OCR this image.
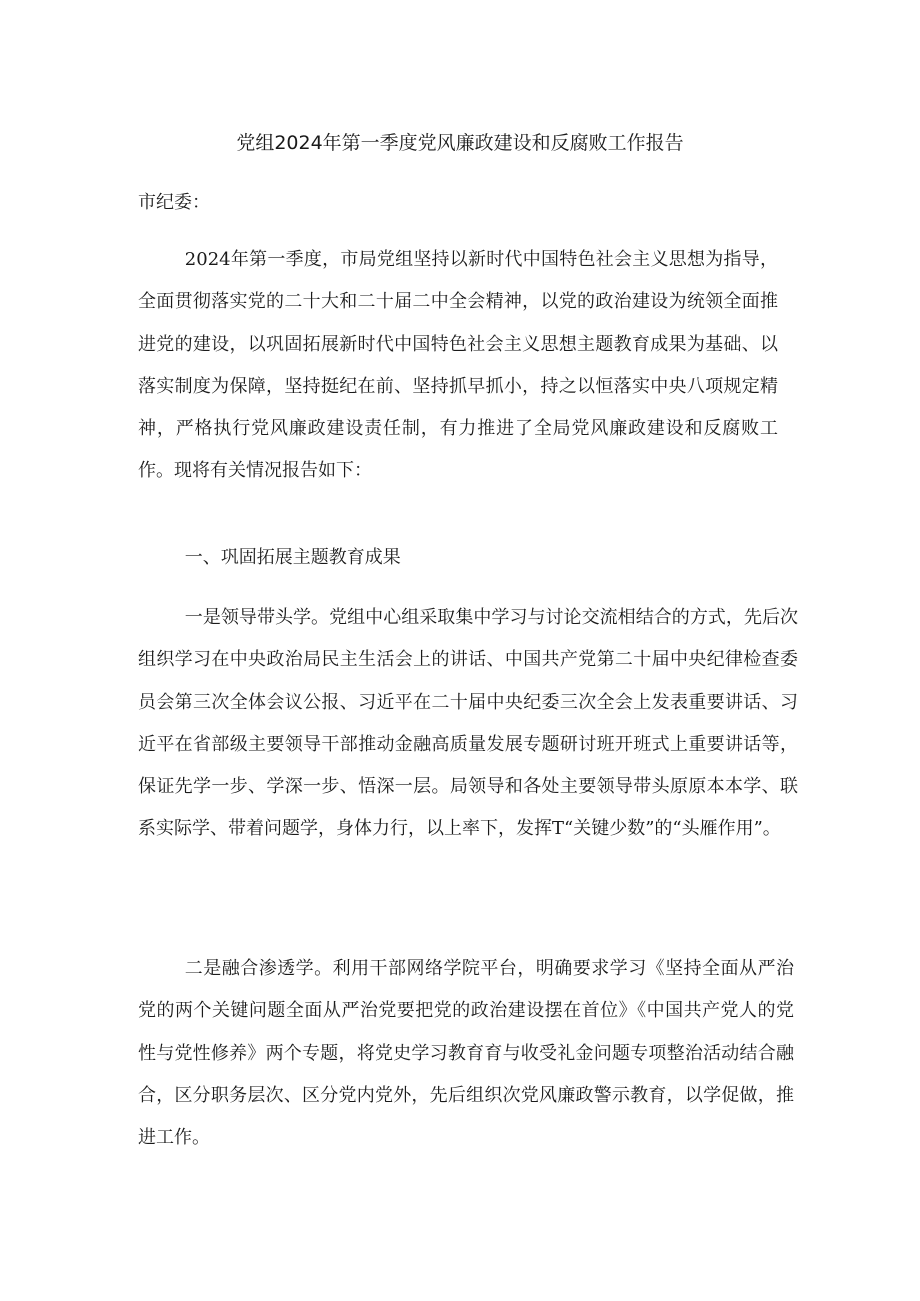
党组2024年第一季度党风廉政建设和反腐败工作报告

市纪委：

2024年第一季度，市局党组坚持以新时代中国特色社会主义思想为指导，全面贯彻落实党的二十大和二十届二中全会精神，以党的政治建设为统领全面推进党的建设，以巩固拓展新时代中国特色社会主义思想主题教育成果为基础、以落实制度为保障，坚持挺纪在前、坚持抓早抓小，持之以恒落实中央八项规定精神，严格执行党风廉政建设责任制，有力推进了全局党风廉政建设和反腐败工作。现将有关情况报告如下：

一、巩固拓展主题教育成果

一是领导带头学。党组中心组采取集中学习与讨论交流相结合的方式，先后次组织学习在中央政治局民主生活会上的讲话、中国共产党第二十届中央纪律检查委员会第三次全体会议公报、习近平在二十届中央纪委三次全会上发表重要讲话、习近平在省部级主要领导干部推动金融高质量发展专题研讨班开班式上重要讲话等，保证先学一步、学深一步、悟深一层。局领导和各处主要领导带头原原本本学、联系实际学、带着问题学，身体力行，以上率下，发挥T“关键少数”的“头雁作用”。

二是融合渗透学。利用干部网络学院平台，明确要求学习《坚持全面从严治党的两个关键问题全面从严治党要把党的政治建设摆在首位》《中国共产党人的党性与党性修养》两个专题，将党史学习教育育与收受礼金问题专项整治活动结合融合，区分职务层次、区分党内党外，先后组织次党风廉政警示教育，以学促做，推进工作。
